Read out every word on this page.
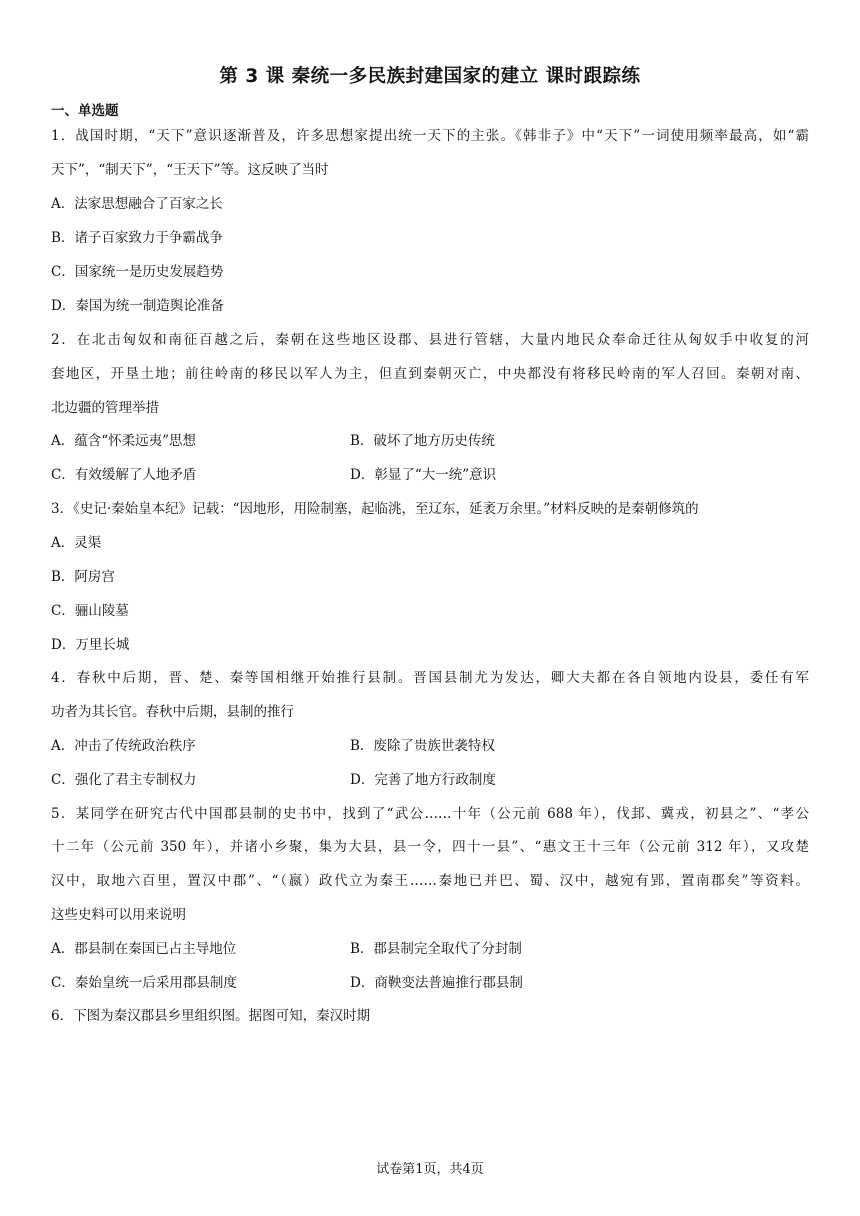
第 3 课 秦统一多民族封建国家的建立 课时跟踪练
一、单选题
1．战国时期，“天下”意识逐渐普及，许多思想家提出统一天下的主张。《韩非子》中“天下”一词使用频率最高，如“霸
天下”，“制天下”，“王天下”等。这反映了当时
A．法家思想融合了百家之长
B．诸子百家致力于争霸战争
C．国家统一是历史发展趋势
D．秦国为统一制造舆论准备
2．在北击匈奴和南征百越之后，秦朝在这些地区设郡、县进行管辖，大量内地民众奉命迁往从匈奴手中收复的河
套地区，开垦土地；前往岭南的移民以军人为主，但直到秦朝灭亡，中央都没有将移民岭南的军人召回。秦朝对南、
北边疆的管理举措
A．蕴含“怀柔远夷”思想	B．破坏了地方历史传统
C．有效缓解了人地矛盾	D．彰显了“大一统”意识
3．《史记·秦始皇本纪》记载：“因地形，用险制塞，起临洮，至辽东，延袤万余里。”材料反映的是秦朝修筑的
A．灵渠
B．阿房宫
C．骊山陵墓
D．万里长城
4．春秋中后期，晋、楚、秦等国相继开始推行县制。晋国县制尤为发达，卿大夫都在各自领地内设县，委任有军
功者为其长官。春秋中后期，县制的推行
A．冲击了传统政治秩序	B．废除了贵族世袭特权
C．强化了君主专制权力	D．完善了地方行政制度
5．某同学在研究古代中国郡县制的史书中，找到了“武公……十年（公元前 688 年），伐邽、冀戎，初县之”、“孝公
十二年（公元前 350 年），并诸小乡聚，集为大县，县一令，四十一县”、“惠文王十三年（公元前 312 年），又攻楚
汉中，取地六百里，置汉中郡”、“（嬴）政代立为秦王……秦地已并巴、蜀、汉中，越宛有郢，置南郡矣”等资料。
这些史料可以用来说明
A．郡县制在秦国已占主导地位	B．郡县制完全取代了分封制
C．秦始皇统一后采用郡县制度	D．商鞅变法普遍推行郡县制
6．下图为秦汉郡县乡里组织图。据图可知，秦汉时期
试卷第1页，共4页
